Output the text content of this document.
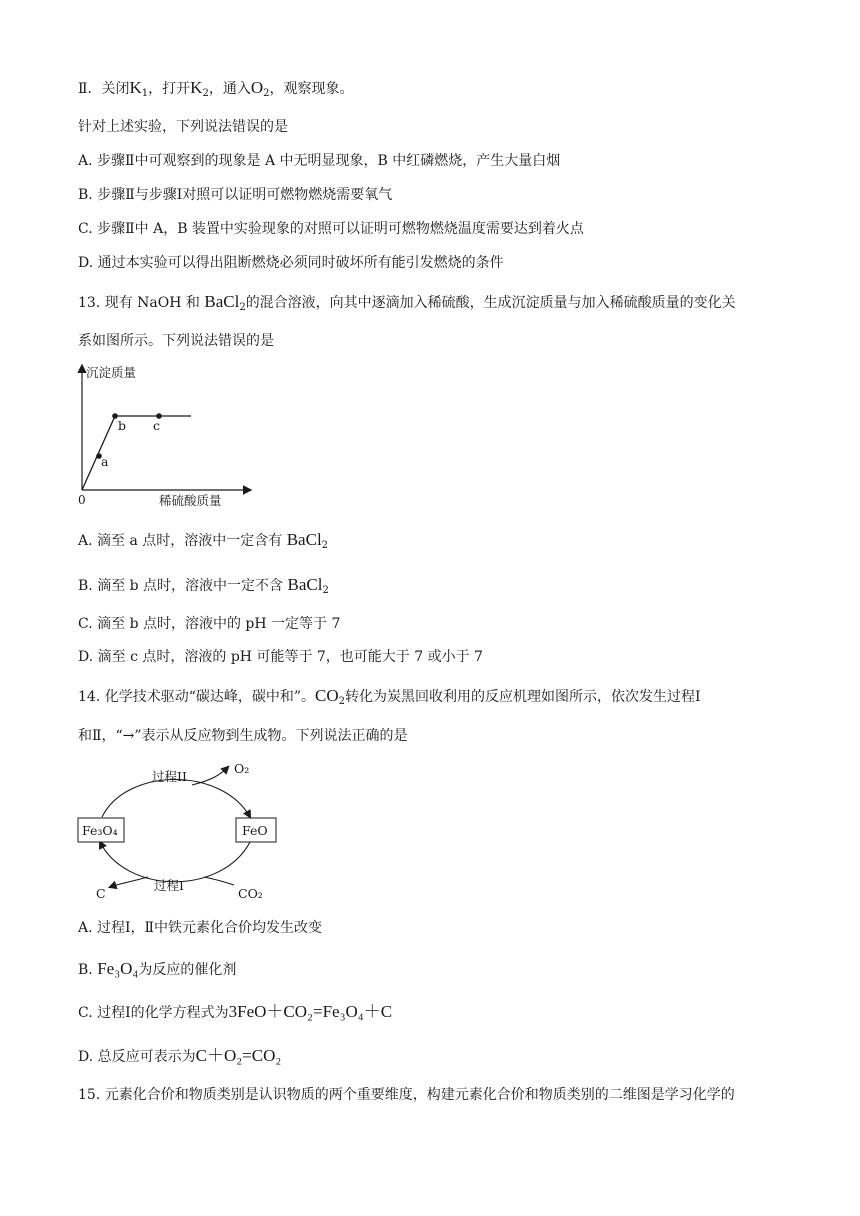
Ⅱ．关闭$K_1$，打开$K_2$，通入$O_2$，观察现象。
针对上述实验，下列说法错误的是
A. 步骤Ⅱ中可观察到的现象是 A 中无明显现象，B 中红磷燃烧，产生大量白烟
B. 步骤Ⅱ与步骤Ⅰ对照可以证明可燃物燃烧需要氧气
C. 步骤Ⅱ中 A，B 装置中实验现象的对照可以证明可燃物燃烧温度需要达到着火点
D. 通过本实验可以得出阻断燃烧必须同时破坏所有能引发燃烧的条件
13. 现有 NaOH 和 BaCl$_2$的混合溶液，向其中逐滴加入稀硫酸，生成沉淀质量与加入稀硫酸质量的变化关
系如图所示。下列说法错误的是
沉淀质量
稀硫酸质量
0
a
b c
A. 滴至 a 点时，溶液中一定含有 BaCl$_2$
B. 滴至 b 点时，溶液中一定不含 BaCl$_2$
C. 滴至 b 点时，溶液中的 pH 一定等于 7
D. 滴至 c 点时，溶液的 pH 可能等于 7，也可能大于 7 或小于 7
14. 化学技术驱动“碳达峰，碳中和”。$CO_2$转化为炭黑回收利用的反应机理如图所示，依次发生过程Ⅰ
和Ⅱ，“→”表示从反应物到生成物。下列说法正确的是
Fe₃O₄	FeO
过程II
O₂
过程I
C	CO₂
A. 过程Ⅰ，Ⅱ中铁元素化合价均发生改变
B. Fe₃O₄为反应的催化剂
C. 过程Ⅰ的化学方程式为3FeO＋CO₂=Fe₃O₄＋C
D. 总反应可表示为C＋O₂=CO₂
15. 元素化合价和物质类别是认识物质的两个重要维度，构建元素化合价和物质类别的二维图是学习化学的
